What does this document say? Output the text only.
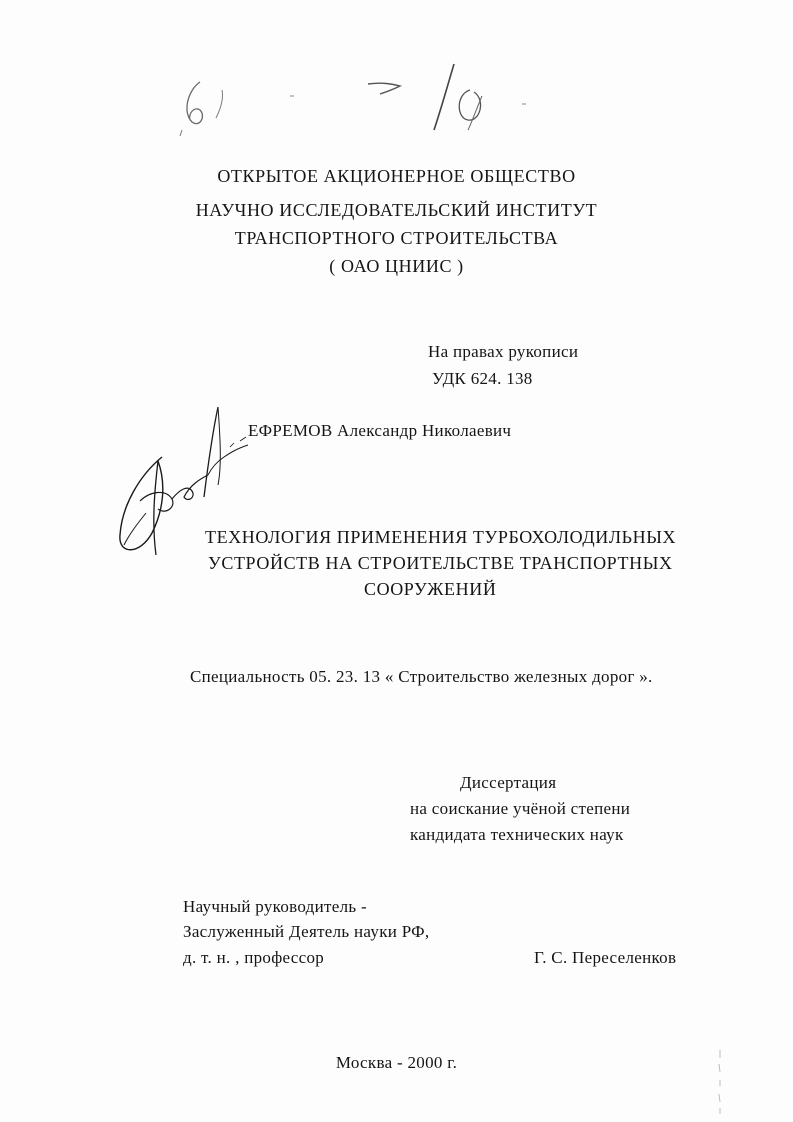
ОТКРЫТОЕ АКЦИОНЕРНОЕ ОБЩЕСТВО
НАУЧНО ИССЛЕДОВАТЕЛЬСКИЙ ИНСТИТУТ
ТРАНСПОРТНОГО СТРОИТЕЛЬСТВА
( ОАО ЦНИИС )
На правах рукописи
УДК 624. 138
ЕФРЕМОВ Александр Николаевич
ТЕХНОЛОГИЯ ПРИМЕНЕНИЯ ТУРБОХОЛОДИЛЬНЫХ
УСТРОЙСТВ НА СТРОИТЕЛЬСТВЕ ТРАНСПОРТНЫХ
СООРУЖЕНИЙ
Специальность 05. 23. 13 « Строительство железных дорог ».
Диссертация
на соискание учёной степени
кандидата технических наук
Научный руководитель -
Заслуженный Деятель науки РФ,
д. т. н. , профессор	Г. С. Переселенков
Москва - 2000 г.
